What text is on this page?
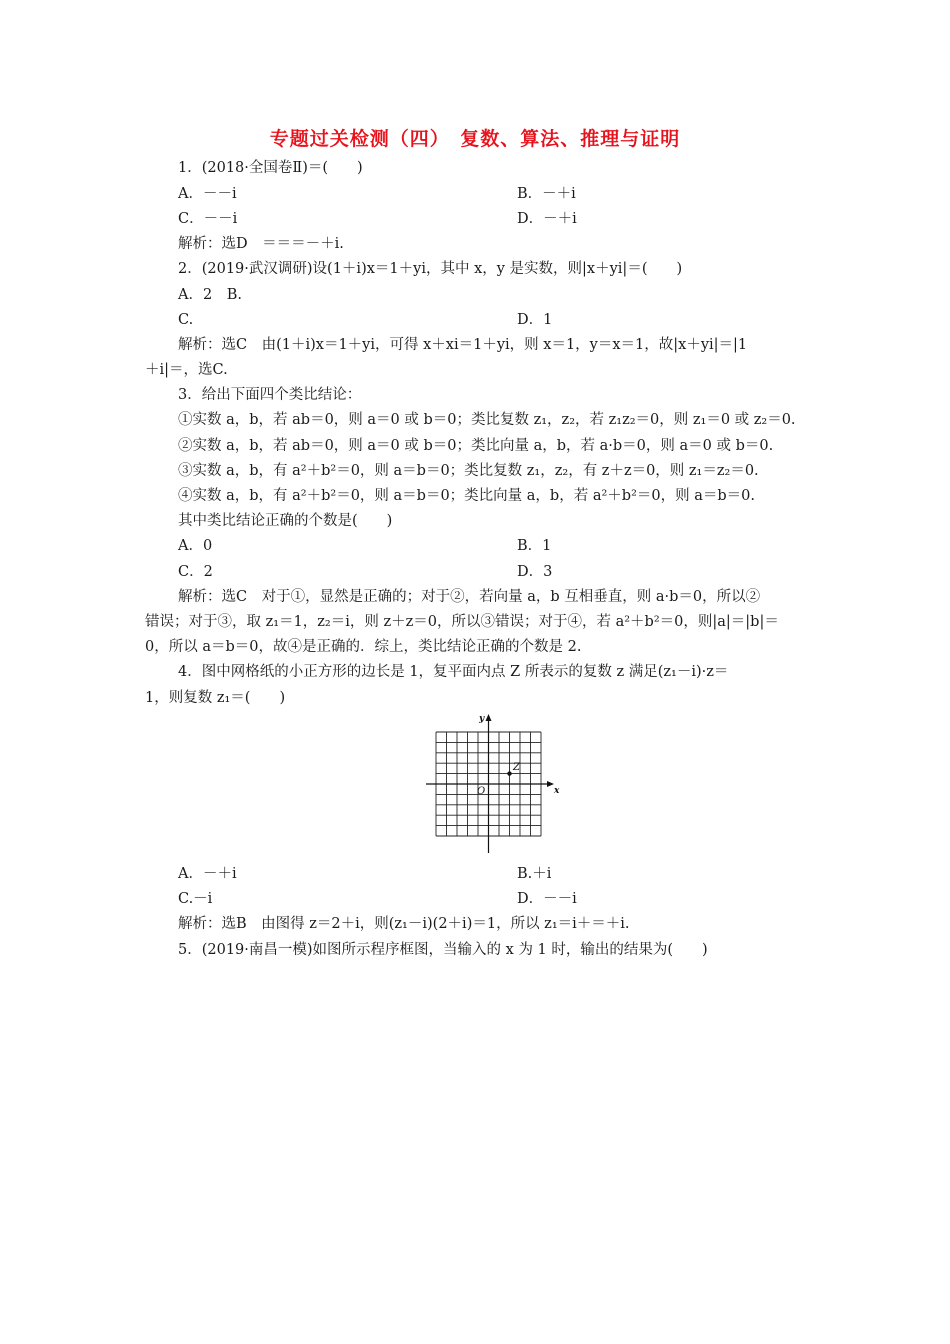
专题过关检测（四）　复数、算法、推理与证明
1．(2018·全国卷Ⅱ)＝(　　)
A．－－i	B．－＋i
C．－－i	D．－＋i
解析：选D　＝＝＝－＋i.
2．(2019·武汉调研)设(1＋i)x＝1＋yi，其中 x，y 是实数，则|x＋yi|＝(　　)
A．2　B.
C.	D．1
解析：选C　由(1＋i)x＝1＋yi，可得 x＋xi＝1＋yi，则 x＝1，y＝x＝1，故|x＋yi|＝|1
＋i|＝，选C.
3．给出下面四个类比结论：
①实数 a，b，若 ab＝0，则 a＝0 或 b＝0；类比复数 z₁，z₂，若 z₁z₂＝0，则 z₁＝0 或 z₂＝0.
②实数 a，b，若 ab＝0，则 a＝0 或 b＝0；类比向量 a，b，若 a·b＝0，则 a＝0 或 b＝0.
③实数 a，b，有 a²＋b²＝0，则 a＝b＝0；类比复数 z₁，z₂，有 z＋z＝0，则 z₁＝z₂＝0.
④实数 a，b，有 a²＋b²＝0，则 a＝b＝0；类比向量 a，b，若 a²＋b²＝0，则 a＝b＝0.
其中类比结论正确的个数是(　　)
A．0	B．1
C．2	D．3
解析：选C　对于①，显然是正确的；对于②，若向量 a，b 互相垂直，则 a·b＝0，所以②
错误；对于③，取 z₁＝1，z₂＝i，则 z＋z＝0，所以③错误；对于④，若 a²＋b²＝0，则|a|＝|b|＝
0，所以 a＝b＝0，故④是正确的．综上，类比结论正确的个数是 2.
4．图中网格纸的小正方形的边长是 1，复平面内点 Z 所表示的复数 z 满足(z₁－i)·z＝
1，则复数 z₁＝(　　)
x
y
O
Z
A．－＋i	B.＋i
C.－i	D．－－i
解析：选B　由图得 z＝2＋i，则(z₁－i)(2＋i)＝1，所以 z₁＝i＋＝＋i.
5．(2019·南昌一模)如图所示程序框图，当输入的 x 为 1 时，输出的结果为(　　)
